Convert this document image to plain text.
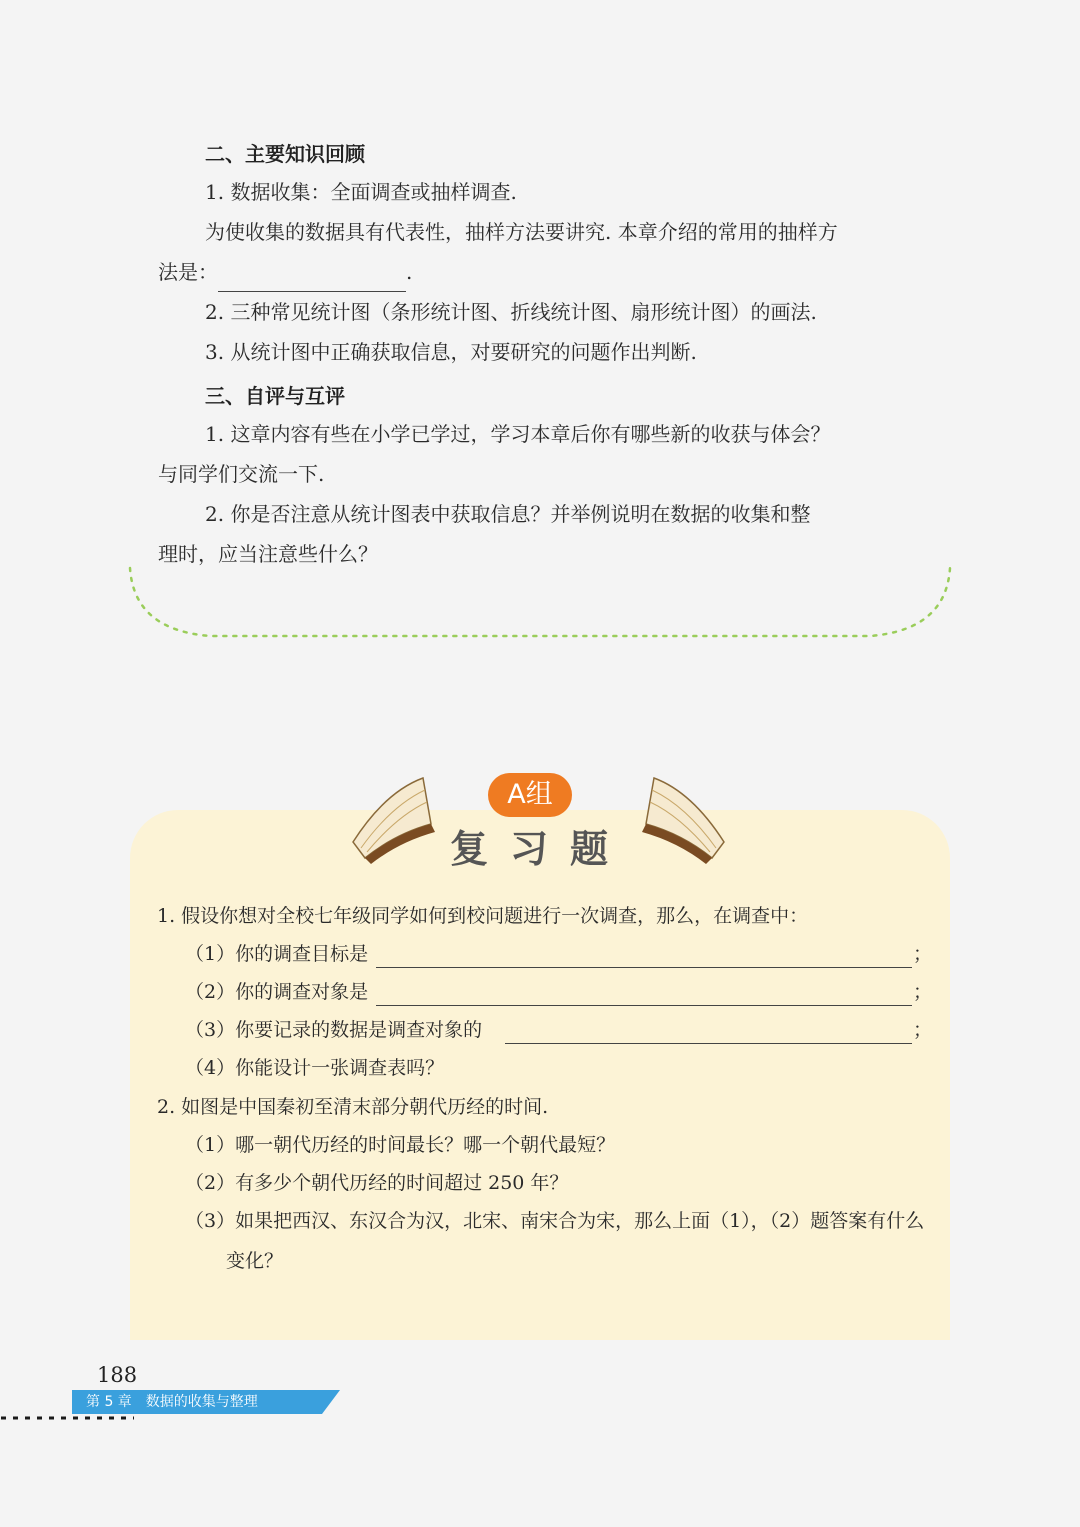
二、主要知识回顾
1. 数据收集：全面调查或抽样调查.
为使收集的数据具有代表性，抽样方法要讲究. 本章介绍的常用的抽样方
法是：	.
2. 三种常见统计图（条形统计图、折线统计图、扇形统计图）的画法.
3. 从统计图中正确获取信息，对要研究的问题作出判断.
三、自评与互评
1. 这章内容有些在小学已学过，学习本章后你有哪些新的收获与体会？
与同学们交流一下.
2. 你是否注意从统计图表中获取信息？并举例说明在数据的收集和整
理时，应当注意些什么？
A组
复习题
1. 假设你想对全校七年级同学如何到校问题进行一次调查，那么，在调查中：
（1）你的调查目标是	；
（2）你的调查对象是	；
（3）你要记录的数据是调查对象的	；
（4）你能设计一张调查表吗？
2. 如图是中国秦初至清末部分朝代历经的时间.
（1）哪一朝代历经的时间最长？哪一个朝代最短？
（2）有多少个朝代历经的时间超过 250 年？
（3）如果把西汉、东汉合为汉，北宋、南宋合为宋，那么上面（1），（2）题答案有什么
变化？
188
第 5 章　数据的收集与整理
